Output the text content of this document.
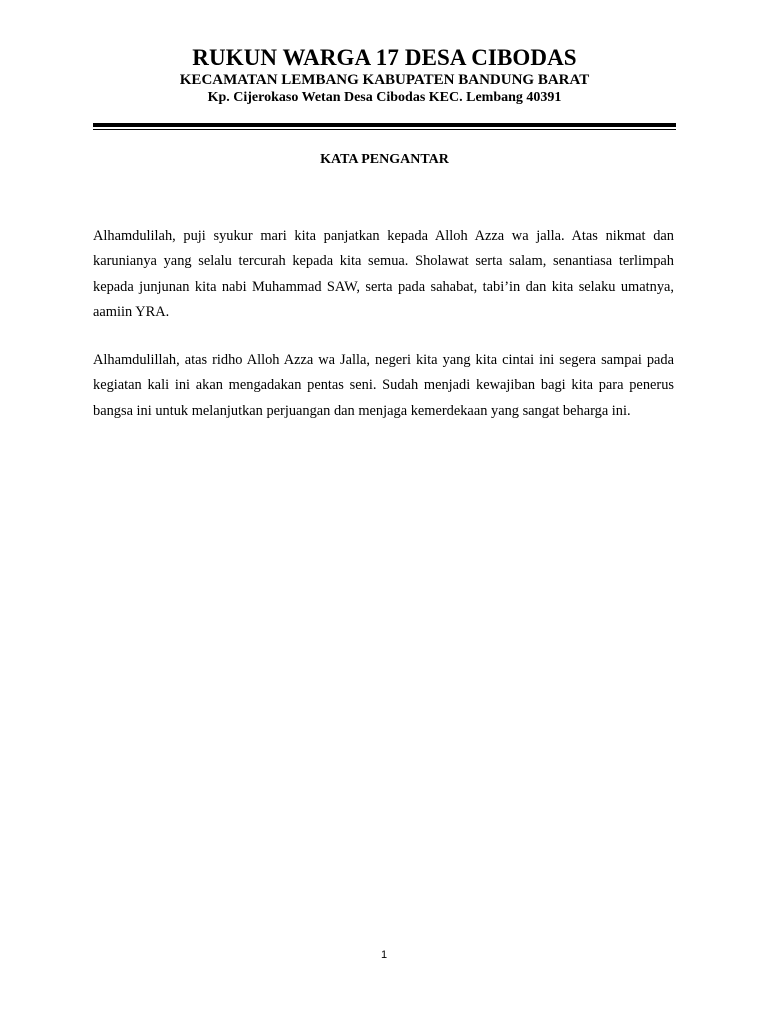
RUKUN WARGA 17 DESA CIBODAS
KECAMATAN LEMBANG KABUPATEN BANDUNG BARAT
Kp. Cijerokaso Wetan Desa Cibodas KEC. Lembang 40391
KATA PENGANTAR

Alhamdulilah, puji syukur mari kita panjatkan kepada Alloh Azza wa jalla. Atas nikmat dan karunianya yang selalu tercurah kepada kita semua. Sholawat serta salam, senantiasa terlimpah kepada junjunan kita nabi Muhammad SAW, serta pada sahabat, tabi’in dan kita selaku umatnya, aamiin YRA.

Alhamdulillah, atas ridho Alloh Azza wa Jalla, negeri kita yang kita cintai ini segera sampai pada kegiatan kali ini akan mengadakan pentas seni. Sudah menjadi kewajiban bagi kita para penerus bangsa ini untuk melanjutkan perjuangan dan menjaga kemerdekaan yang sangat beharga ini.

1
